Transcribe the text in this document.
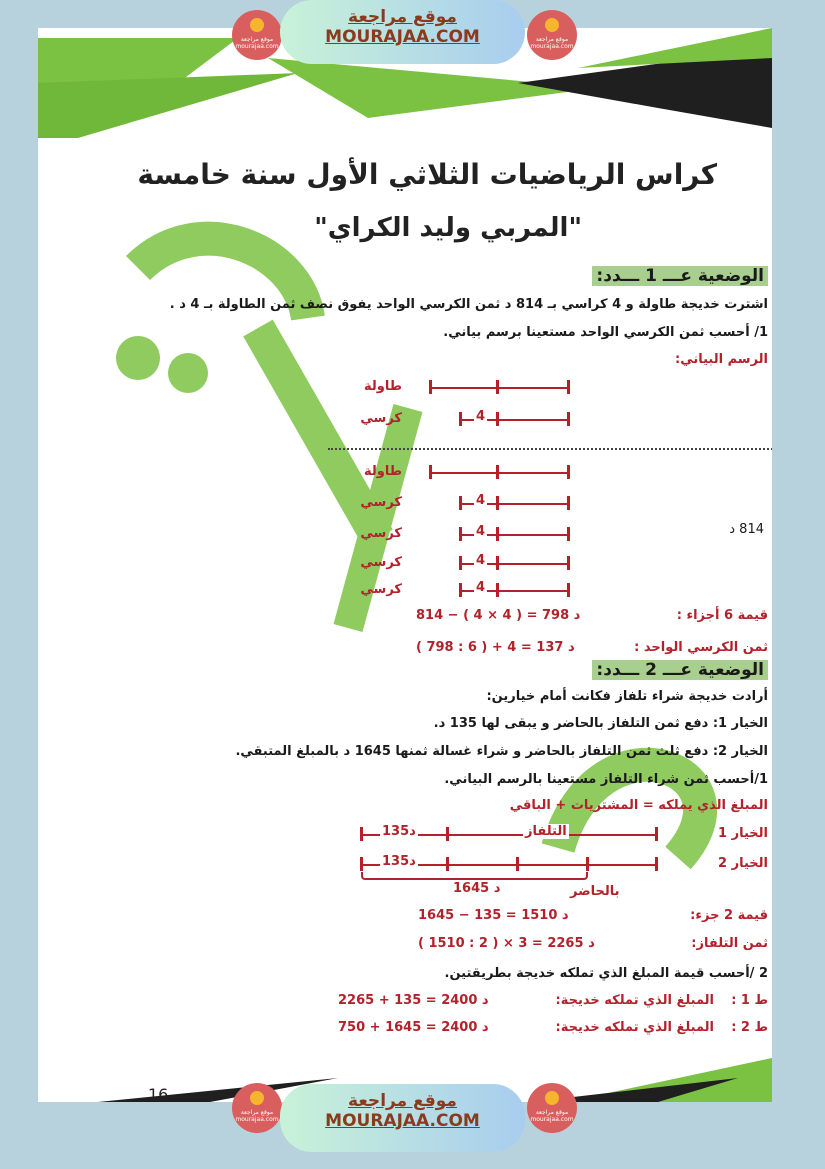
كراس الرياضيات الثلاثي الأول سنة خامسة
"المربي وليد الكراي"
الوضعية عـــ 1 ـــدد:
اشترت خديجة طاولة و 4 كراسي بـ 814 د ثمن الكرسي الواحد يفوق نصف ثمن الطاولة بـ 4 د .
1/ أحسب ثمن الكرسي الواحد مستعينا برسم بياني.
الرسم البياني:
طاولة
كرسي	4
طاولة
كرسي	4
كرسي	4
كرسي	4
كرسي	4
814 د
قيمة 6 أجزاء :
814 − ( 4 × 4 ) = 798 د
ثمن الكرسي الواحد :
( 798 : 6 ) + 4 = 137 د
الوضعية عـــ 2 ـــدد:
أرادت خديجة شراء تلفاز فكانت أمام خيارين:
الخيار 1: دفع ثمن التلفاز بالحاضر و يبقى لها 135 د.
الخيار 2: دفع ثلث ثمن التلفاز بالحاضر و شراء غسالة ثمنها 1645 د بالمبلغ المتبقي.
1/أحسب ثمن شراء التلفاز مستعينا بالرسم البياني.
المبلغ الذي يملكه = المشتريات + الباقي
الخيار 1
135د	التلفاز
الخيار 2
135د
1645 د	بالحاضر
قيمة 2 جزء:
1645 − 135 = 1510 د
ثمن التلفاز:
( 1510 : 2 ) × 3 = 2265 د
2 /أحسب قيمة المبلغ الذي تملكه خديجة بطريقتين.
ط 1 :
المبلغ الذي تملكه خديجة:
2265 + 135 = 2400 د
ط 2 :
المبلغ الذي تملكه خديجة:
750 + 1645 = 2400 د
16
موقع مراجعة
mourajaa.com
موقع مراجعة
MOURAJAA.COM	موقع مراجعة
mourajaa.com
موقع مراجعة
mourajaa.com
موقع مراجعة
MOURAJAA.COM	موقع مراجعة
mourajaa.com
